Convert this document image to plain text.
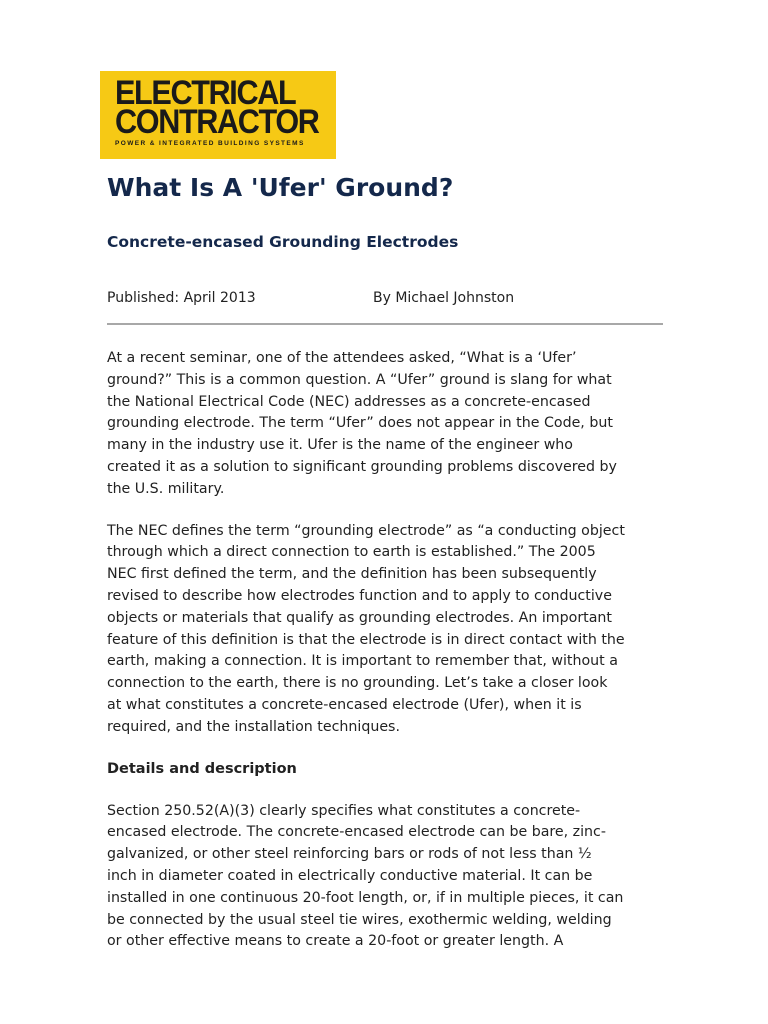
ELECTRICAL
CONTRACTOR
POWER & INTEGRATED BUILDING SYSTEMS
What Is A 'Ufer' Ground?
Concrete-encased Grounding Electrodes
Published: April 2013	By Michael Johnston

At a recent seminar, one of the attendees asked, “What is a ‘Ufer’
ground?” This is a common question. A “Ufer” ground is slang for what
the National Electrical Code (NEC) addresses as a concrete-encased
grounding electrode. The term “Ufer” does not appear in the Code, but
many in the industry use it. Ufer is the name of the engineer who
created it as a solution to significant grounding problems discovered by
the U.S. military.

The NEC defines the term “grounding electrode” as “a conducting object
through which a direct connection to earth is established.” The 2005
NEC first defined the term, and the definition has been subsequently
revised to describe how electrodes function and to apply to conductive
objects or materials that qualify as grounding electrodes. An important
feature of this definition is that the electrode is in direct contact with the
earth, making a connection. It is important to remember that, without a
connection to the earth, there is no grounding. Let’s take a closer look
at what constitutes a concrete-encased electrode (Ufer), when it is
required, and the installation techniques.

Details and description

Section 250.52(A)(3) clearly specifies what constitutes a concrete-
encased electrode. The concrete-encased electrode can be bare, zinc-
galvanized, or other steel reinforcing bars or rods of not less than ½
inch in diameter coated in electrically conductive material. It can be
installed in one continuous 20-foot length, or, if in multiple pieces, it can
be connected by the usual steel tie wires, exothermic welding, welding
or other effective means to create a 20-foot or greater length. A
